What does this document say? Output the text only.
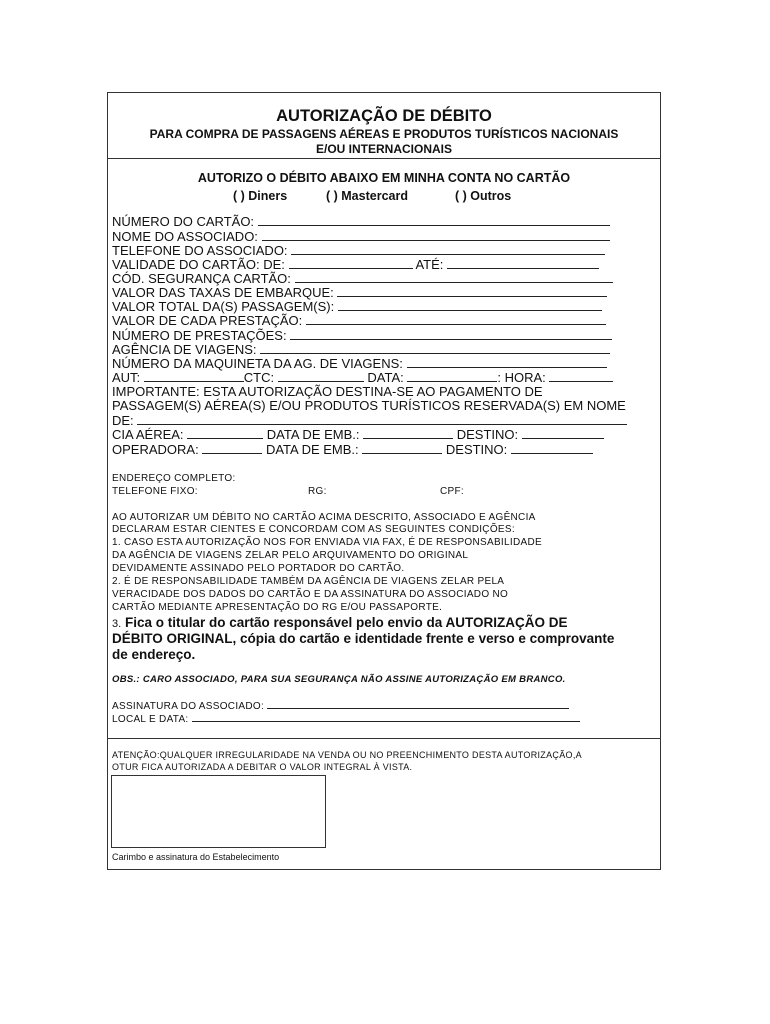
AUTORIZAÇÃO DE DÉBITO
PARA COMPRA DE PASSAGENS AÉREAS E PRODUTOS TURÍSTICOS NACIONAIS
E/OU INTERNACIONAIS
AUTORIZO O DÉBITO ABAIXO EM MINHA CONTA NO CARTÃO
( ) Diners	( ) Mastercard	( ) Outros
NÚMERO DO CARTÃO:
NOME DO ASSOCIADO:
TELEFONE DO ASSOCIADO:
VALIDADE DO CARTÃO: DE:	ATÉ:
CÓD. SEGURANÇA CARTÃO:
VALOR DAS TAXAS DE EMBARQUE:
VALOR TOTAL DA(S) PASSAGEM(S):
VALOR DE CADA PRESTAÇÃO:
NÚMERO DE PRESTAÇÕES:
AGÊNCIA DE VIAGENS:
NÚMERO DA MAQUINETA DA AG. DE VIAGENS:
AUT:	CTC:	DATA:	: HORA:
IMPORTANTE: ESTA AUTORIZAÇÃO DESTINA-SE AO PAGAMENTO DE
PASSAGEM(S) AÉREA(S) E/OU PRODUTOS TURÍSTICOS RESERVADA(S) EM NOME
DE:
CIA AÉREA:	DATA DE EMB.:	DESTINO:
OPERADORA:	DATA DE EMB.:	DESTINO:
ENDEREÇO COMPLETO:
TELEFONE FIXO:	RG:	CPF:
AO AUTORIZAR UM DÉBITO NO CARTÃO ACIMA DESCRITO, ASSOCIADO E AGÊNCIA
DECLARAM ESTAR CIENTES E CONCORDAM COM AS SEGUINTES CONDIÇÕES:
1. CASO ESTA AUTORIZAÇÃO NOS FOR ENVIADA VIA FAX, É DE RESPONSABILIDADE
DA AGÊNCIA DE VIAGENS ZELAR PELO ARQUIVAMENTO DO ORIGINAL
DEVIDAMENTE ASSINADO PELO PORTADOR DO CARTÃO.
2. É DE RESPONSABILIDADE TAMBÉM DA AGÊNCIA DE VIAGENS ZELAR PELA
VERACIDADE DOS DADOS DO CARTÃO E DA ASSINATURA DO ASSOCIADO NO
CARTÃO MEDIANTE APRESENTAÇÃO DO RG E/OU PASSAPORTE.
3. Fica o titular do cartão responsável pelo envio da AUTORIZAÇÃO DE
DÉBITO ORIGINAL, cópia do cartão e identidade frente e verso e comprovante
de endereço.
OBS.: CARO ASSOCIADO, PARA SUA SEGURANÇA NÃO ASSINE AUTORIZAÇÃO EM BRANCO.
ASSINATURA DO ASSOCIADO:
LOCAL E DATA:
ATENÇÃO:QUALQUER IRREGULARIDADE NA VENDA OU NO PREENCHIMENTO DESTA AUTORIZAÇÃO,A
OTUR FICA AUTORIZADA A DEBITAR O VALOR INTEGRAL À VISTA.
Carimbo e assinatura do Estabelecimento
